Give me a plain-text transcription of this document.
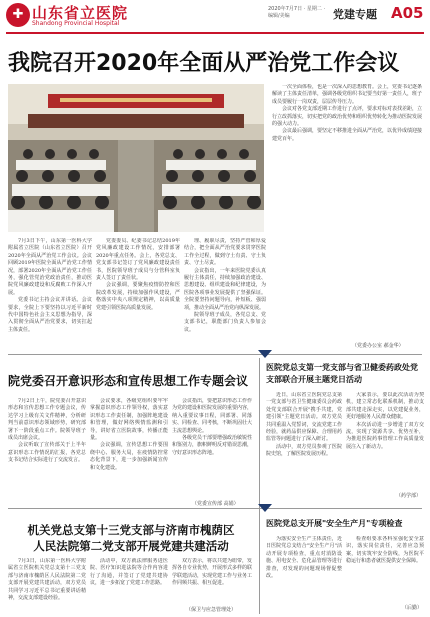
✚ 山东省立医院
Shandong Provincial Hospital
2020年7月7日 · 星期二 · 编辑/美编	党建专题 A05
我院召开2020年全面从严治党工作会议

7月3日下午，山东第一医科大学附属省立医院（山东省立医院）召开2020年全面从严治党工作会议。会议回顾2019年医院全面从严治党工作情况，部署2020年全面从严治党工作任务，强化管党治党政治责任，推动医院党风廉政建设和反腐败工作深入开展。

党委书记主持会议并讲话。会议要求，全院上下要坚持以习近平新时代中国特色社会主义思想为指导，深入贯彻全面从严治党要求，切实扛起主体责任。

党委委员、纪委书记总结2019年党风廉政建设工作情况，安排部署2020年重点任务。会上，各党总支、党支部书记签订了党风廉政建设责任书，医院领导班子成员与分管科室负责人签订了责任状。

会议强调，要聚焦疫情防控和医院改革发展，持续加强作风建设，严格落实中央八项规定精神，以高质量党建引领医院高质量发展。

理、履职尽责，坚持严管和厚爱结合，把全面从严治党要求贯穿医院工作全过程，做到守土有责、守土负责、守土尽责。

会议指出，一年来医院党委认真履行主体责任，持续加强政治建设、思想建设、组织建设和纪律建设，为医院各项事业发展提供了坚强保证。全院要坚持问题导向，补短板、强弱项，推动全面从严治党向纵深发展。

院领导班子成员，各党总支、党支部书记，职能部门负责人参加会议。

一次全面体检，也是一次深入的思想教育。会上，党委书记逐条解读了主体责任清单，强调各级党组织书记要当好第一责任人，班子成员要履行一岗双责，层层传导压力。

会议对各党支部近期工作进行了点评，要求对标对表找差距，立行立改抓落实，切实把党的政治优势和组织优势转化为推动医院发展的强大动力。

会议最后强调，要坚定不移推进全面从严治党，以优异成绩迎接建党百年。

（党委办公室 郝金华）
院党委召开意识形态和宣传思想工作专题会议

7月2日上午，院党委召开意识形态和宣传思想工作专题会议，传达学习上级有关文件精神，分析研判当前意识形态领域形势，研究部署下一阶段重点工作。院领导班子成员出席会议。

会议听取了宣传部关于上半年意识形态工作情况的汇报，各党总支书记结合实际进行了交流发言。

会议要求，各级党组织要牢牢掌握意识形态工作领导权，落实意识形态工作责任制，加强阵地建设和管理，做好网络舆情监测和引导，讲好省立医院故事，传播正能量。

会议强调，宣传思想工作要围绕中心、服务大局，在疫情防控常态化背景下，进一步加强新闻宣传和文化建设。

会议指出，要把意识形态工作作为党的建设和医院发展的重要内容，纳入重要议事日程，同部署、同落实、同检查、同考核，不断巩固壮大主流思想舆论。

各级党员干部要增强政治敏锐性和鉴别力，旗帜鲜明反对错误思潮，守好意识形态阵地。

（党委宣传部 高娟）
医院党总支第一党支部与省卫健委药政处党支部联合开展主题党日活动

近日，山东省立医院党总支第一党支部与省卫生健康委员会药政处党支部联合开展"携手共建，党建引领"主题党日活动。双方党员共同重温入党誓词，交流党建工作经验，就药品供应保障、合理用药监管等问题进行了深入研讨。

活动中，双方党员参观了医院院史馆，了解医院发展历程。

大家表示，要以此次活动为契机，建立常态化联系机制，推动支部共建走深走实，以党建促业务，更好地服务人民群众健康。

本次活动进一步增进了双方交流，实现了资源共享、优势互补，为推进医院药事管理工作高质量发展注入了新动力。

（药学部）
机关党总支第十三党支部与济南市槐荫区
人民法院第二党支部开展党建共建活动

7月3日，山东第一医科大学附属省立医院机关党总支第十三党支部与济南市槐荫区人民法院第二党支部开展党建共建活动，双方党员共同学习习近平总书记重要讲话精神，交流支部建设经验。

活动中，双方就法律服务进医院、医疗知识进法院等合作内容进行了沟通，并签订了党建共建协议，进一步拓宽了党建工作思路。

双方表示，将以共建为纽带，发挥各自专业优势，开展形式多样的联学联建活动，实现党建工作与业务工作同频共振、相互促进。

（保卫与应急管理处）
医院党总支开展"安全生产月"专项检查

为落实安全生产主体责任，近日医院党总支结合"安全生产月"活动开展专项检查，重点对消防设施、用电安全、危化品管理等进行排查，对发现的问题现场督促整改。

检查组要求各科室强化安全意识，落实岗位责任，完善应急预案，切实筑牢安全防线，为医院平稳运行和患者就医提供安全保障。

（后勤）
